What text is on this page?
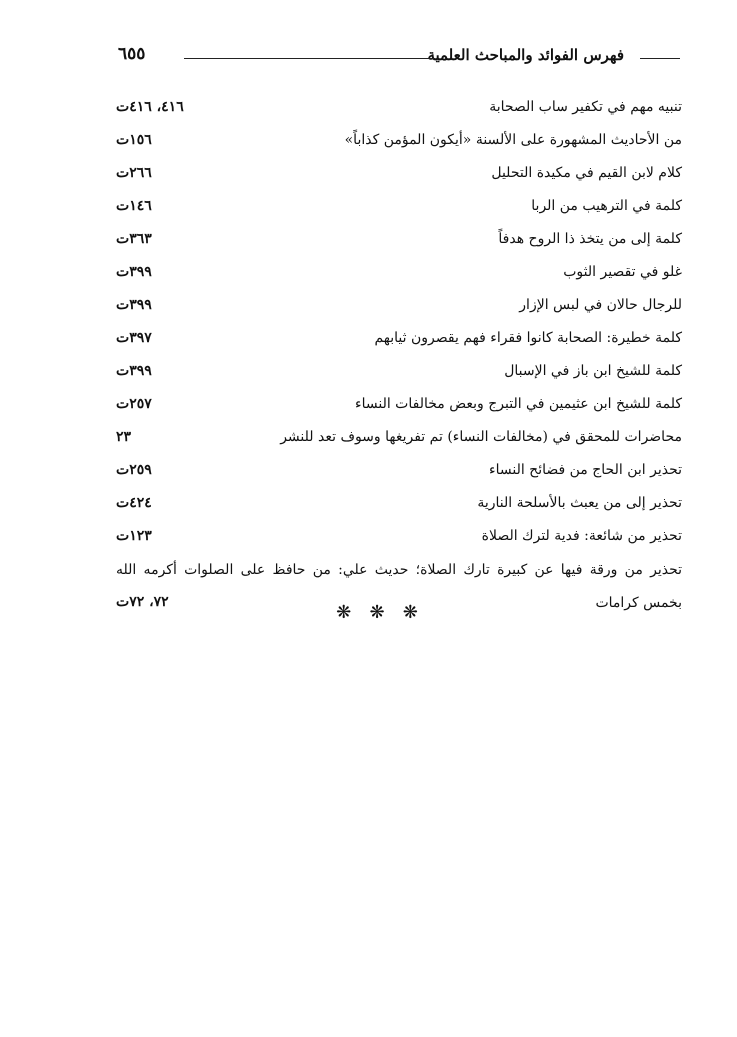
فهرس الفوائد والمباحث العلمية
٦٥٥
تنبيه مهم في تكفير ساب الصحابة
٤١٦، ٤١٦ت
من الأحاديث المشهورة على الألسنة «أيكون المؤمن كذاباً»
١٥٦ت
كلام لابن القيم في مكيدة التحليل
٢٦٦ت
كلمة في الترهيب من الربا
١٤٦ت
كلمة إلى من يتخذ ذا الروح هدفاً
٣٦٣ت
غلو في تقصير الثوب
٣٩٩ت
للرجال حالان في لبس الإزار
٣٩٩ت
كلمة خطيرة: الصحابة كانوا فقراء فهم يقصرون ثيابهم
٣٩٧ت
كلمة للشيخ ابن باز في الإسبال
٣٩٩ت
كلمة للشيخ ابن عثيمين في التبرج وبعض مخالفات النساء
٢٥٧ت
محاضرات للمحقق في (مخالفات النساء) تم تفريغها وسوف تعد للنشر
٢٣
تحذير ابن الحاج من فضائح النساء
٢٥٩ت
تحذير إلى من يعبث بالأسلحة النارية
٤٢٤ت
تحذير من شائعة: فدية لترك الصلاة
١٢٣ت
تحذير من ورقة فيها عن كبيرة تارك الصلاة؛ حديث علي: من حافظ على الصلوات أكرمه الله بخمس كرامات
٧٢، ٧٢ت	❋ ❋ ❋
